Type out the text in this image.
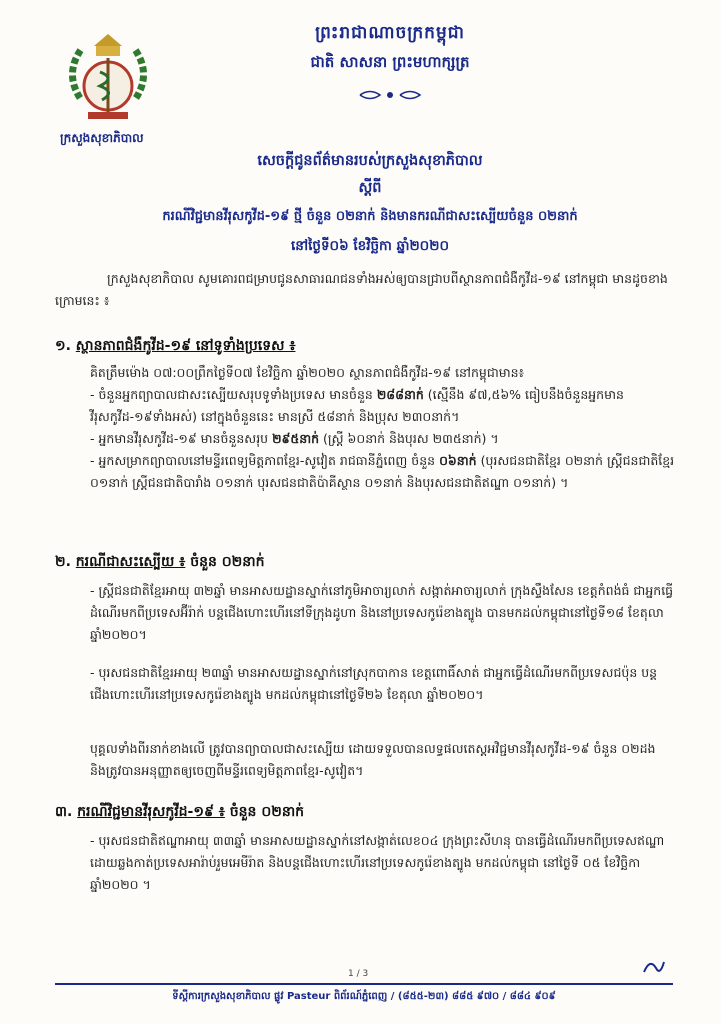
ក្រសួងសុខាភិបាល
ព្រះរាជាណាចក្រកម្ពុជា
ជាតិ សាសនា ព្រះមហាក្សត្រ
សេចក្តីជូនព័ត៌មានរបស់ក្រសួងសុខាភិបាល
ស្តីពី
ករណីវិជ្ជមានវីរុសកូវីដ-១៩ ថ្មី ចំនួន ០២នាក់ និងមានករណីជាសះស្បើយចំនួន ០២នាក់
នៅថ្ងៃទី០៦ ខែវិច្ឆិកា ឆ្នាំ២០២០
ក្រសួងសុខាភិបាល សូមគោរពជម្រាបជូនសាធារណជនទាំងអស់ឲ្យបានជ្រាបពីស្ថានភាពជំងឺកូវីដ-១៩ នៅកម្ពុជា មានដូចខាងក្រោមនេះ ៖
១. ស្ថានភាពជំងឺកូវីដ-១៩ នៅទូទាំងប្រទេស ៖
គិតត្រឹមម៉ោង ០៧:០០ព្រឹកថ្ងៃទី០៧ ខែវិច្ឆិកា ឆ្នាំ២០២០ ស្ថានភាពជំងឺកូវីដ-១៩ នៅកម្ពុជាមាន៖
- ចំនួនអ្នកព្យាបាលជាសះស្បើយសរុបទូទាំងប្រទេស មានចំនួន ២៨៨នាក់ (ស្មើនឹង ៩៧,៥៦% ធៀបនឹងចំនួនអ្នកមានវីរុសកូវីដ-១៩ទាំងអស់) នៅក្នុងចំនួននេះ មានស្រី ៥៨នាក់ និងប្រុស ២៣០នាក់។
- អ្នកមានវីរុសកូវីដ-១៩ មានចំនួនសរុប ២៩៥នាក់ (ស្ត្រី ៦០នាក់ និងបុរស ២៣៥នាក់) ។
- អ្នកសម្រាកព្យាបាលនៅមន្ទីរពេទ្យមិត្តភាពខ្មែរ-សូវៀត រាជធានីភ្នំពេញ ចំនួន ០៦នាក់ (បុរសជនជាតិខ្មែរ ០២នាក់ ស្ត្រីជនជាតិខ្មែរ ០១នាក់ ស្ត្រីជនជាតិបារាំង ០១នាក់ បុរសជនជាតិប៉ាគីស្ថាន ០១នាក់ និងបុរសជនជាតិឥណ្ឌា ០១នាក់) ។
២. ករណីជាសះស្បើយ ៖ ចំនួន ០២នាក់
- ស្ត្រីជនជាតិខ្មែរអាយុ ៣២ឆ្នាំ មានអាសយដ្ឋានស្នាក់នៅភូមិអាចារ្យលាក់ សង្កាត់អាចារ្យលាក់ ក្រុងស្ទឹងសែន ខេត្តកំពង់ធំ ជាអ្នកធ្វើដំណើរមកពីប្រទេសអ៊ីរ៉ាក់ បន្តជើងហោះហើរនៅទីក្រុងដូហា និងនៅប្រទេសកូរ៉េខាងត្បូង បានមកដល់កម្ពុជានៅថ្ងៃទី១៨ ខែតុលា ឆ្នាំ២០២០។
- បុរសជនជាតិខ្មែរអាយុ ២៣ឆ្នាំ មានអាសយដ្ឋានស្នាក់នៅស្រុកបាកាន ខេត្តពោធិ៍សាត់ ជាអ្នកធ្វើដំណើរមកពីប្រទេសជប៉ុន បន្តជើងហោះហើរនៅប្រទេសកូរ៉េខាងត្បូង មកដល់កម្ពុជានៅថ្ងៃទី២៦ ខែតុលា ឆ្នាំ២០២០។
បុគ្គលទាំងពីរនាក់ខាងលើ ត្រូវបានព្យាបាលជាសះស្បើយ ដោយទទួលបានលទ្ធផលតេស្តអវិជ្ជមានវីរុសកូវីដ-១៩ ចំនួន ០២ដង និងត្រូវបានអនុញ្ញាតឲ្យចេញពីមន្ទីរពេទ្យមិត្តភាពខ្មែរ-សូវៀត។
៣. ករណីវិជ្ជមានវីរុសកូវីដ-១៩ ៖ ចំនួន ០២នាក់
- បុរសជនជាតិឥណ្ឌាអាយុ ៣៣ឆ្នាំ មានអាសយដ្ឋានស្នាក់នៅសង្កាត់លេខ០៤ ក្រុងព្រះសីហនុ បានធ្វើដំណើរមកពីប្រទេសឥណ្ឌា ដោយឆ្លងកាត់ប្រទេសអារ៉ាប់រួមអេមីរ៉ាត និងបន្តជើងហោះហើរនៅប្រទេសកូរ៉េខាងត្បូង មកដល់កម្ពុជា នៅថ្ងៃទី ០៥ ខែវិច្ឆិកា ឆ្នាំ២០២០ ។
1 / 3
ទីស្តីការក្រសួងសុខាភិបាល ផ្លូវ Pasteur ពិព័រណ៍ភ្នំពេញ / (៨៥៥-២៣) ៨៨៥ ៩៧០ / ៨៨៤ ៩០៩
